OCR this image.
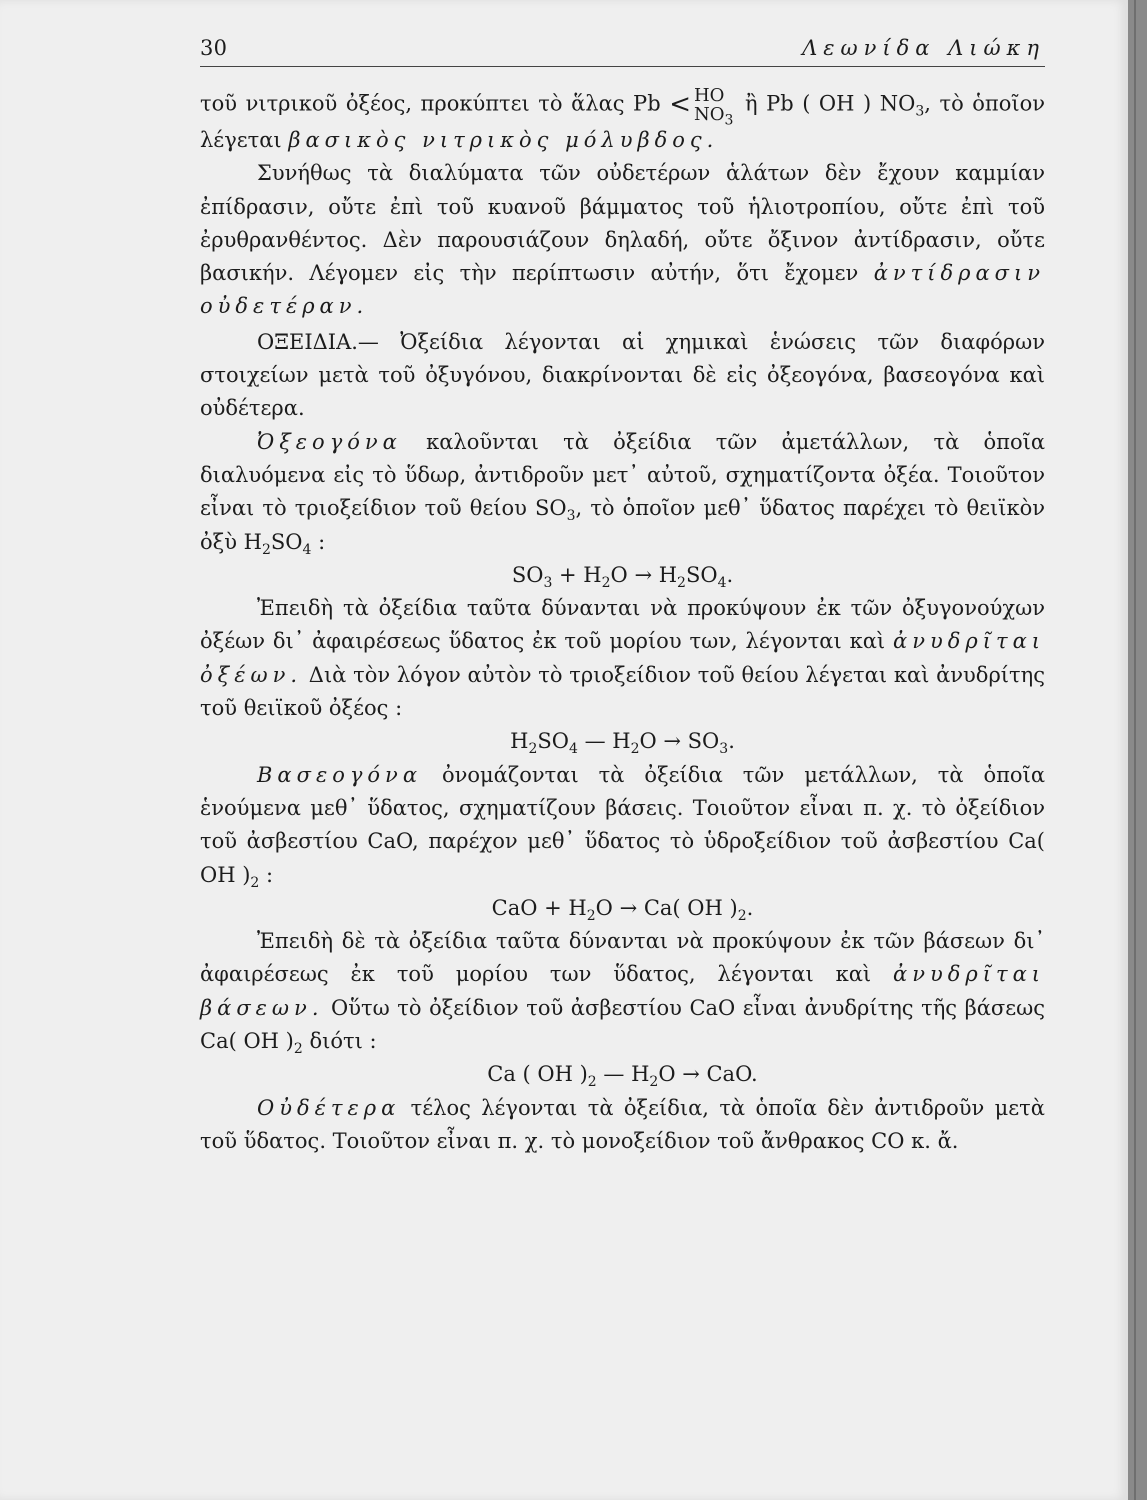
30	Λεωνίδα Λιώκη

τοῦ νιτρικοῦ ὀξέος, προκύπτει τὸ ἅλας Pb < HO
$NO_3$
ἢ Pb ( OH ) $NO_3$, τὸ ὁποῖον λέγεται βασικὸς νιτρικὸς μόλυβδος.

Συνήθως τὰ διαλύματα τῶν οὐδετέρων ἁλάτων δὲν ἔχουν καμμίαν ἐπίδρασιν, οὔτε ἐπὶ τοῦ κυανοῦ βάμματος τοῦ ἡλιοτροπίου, οὔτε ἐπὶ τοῦ ἐρυθρανθέντος. Δὲν παρουσιάζουν δηλαδή, οὔτε ὄξινον ἀντίδρασιν, οὔτε βασικήν. Λέγομεν εἰς τὴν περίπτωσιν αὐτήν, ὅτι ἔχομεν ἀντίδρασιν οὐδετέραν.

ΟΞΕΙΔΙΑ.— Ὀξείδια λέγονται αἱ χημικαὶ ἑνώσεις τῶν διαφόρων στοιχείων μετὰ τοῦ ὀξυγόνου, διακρίνονται δὲ εἰς ὀξεογόνα, βασεογόνα καὶ οὐδέτερα.

Ὀξεογόνα καλοῦνται τὰ ὀξείδια τῶν ἀμετάλλων, τὰ ὁποῖα διαλυόμενα εἰς τὸ ὕδωρ, ἀντιδροῦν μετ᾽ αὐτοῦ, σχηματίζοντα ὀξέα. Τοιοῦτον εἶναι τὸ τριοξείδιον τοῦ θείου $SO_3$, τὸ ὁποῖον μεθ᾽ ὕδατος παρέχει τὸ θειϊκὸν ὀξὺ $H_2SO_4$ :

$SO_3 + H_2O \to H_2SO_4$.

Ἐπειδὴ τὰ ὀξείδια ταῦτα δύνανται νὰ προκύψουν ἐκ τῶν ὀξυγονούχων ὀξέων δι᾽ ἀφαιρέσεως ὕδατος ἐκ τοῦ μορίου των, λέγονται καὶ ἀνυδρῖται ὀξέων. Διὰ τὸν λόγον αὐτὸν τὸ τριοξείδιον τοῦ θείου λέγεται καὶ ἀνυδρίτης τοῦ θειϊκοῦ ὀξέος :

$H_2SO_4$ — $H_2O \to SO_3$.

Βασεογόνα ὀνομάζονται τὰ ὀξείδια τῶν μετάλλων, τὰ ὁποῖα ἑνούμενα μεθ᾽ ὕδατος, σχηματίζουν βάσεις. Τοιοῦτον εἶναι π. χ. τὸ ὀξείδιον τοῦ ἀσβεστίου CaO, παρέχον μεθ᾽ ὕδατος τὸ ὑδροξείδιον τοῦ ἀσβεστίου Ca( OH )$_2$ :

CaO + $H_2O \to Ca$( OH )$_2$.

Ἐπειδὴ δὲ τὰ ὀξείδια ταῦτα δύνανται νὰ προκύψουν ἐκ τῶν βάσεων δι᾽ ἀφαιρέσεως ἐκ τοῦ μορίου των ὕδατος, λέγονται καὶ ἀνυδρῖται βάσεων. Οὕτω τὸ ὀξείδιον τοῦ ἀσβεστίου CaO εἶναι ἀνυδρίτης τῆς βάσεως Ca( OH )$_2$ διότι :

Ca ( OH )$_2$ — $H_2O$ → CaO.

Οὐδέτερα τέλος λέγονται τὰ ὀξείδια, τὰ ὁποῖα δὲν ἀντιδροῦν μετὰ τοῦ ὕδατος. Τοιοῦτον εἶναι π. χ. τὸ μονοξείδιον τοῦ ἄνθρακος CO κ. ἄ.
